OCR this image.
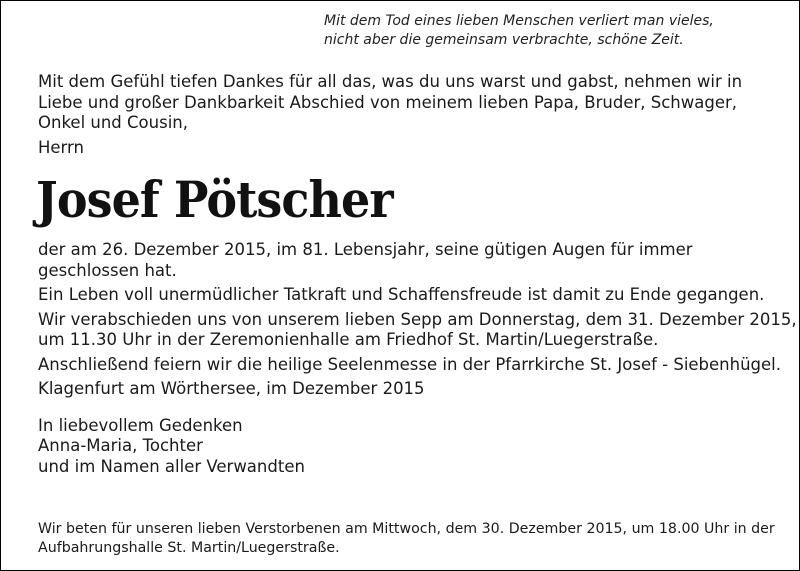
Mit dem Tod eines lieben Menschen verliert man vieles,
nicht aber die gemeinsam verbrachte, schöne Zeit.
Mit dem Gefühl tiefen Dankes für all das, was du uns warst und gabst, nehmen wir in
Liebe und großer Dankbarkeit Abschied von meinem lieben Papa, Bruder, Schwager,
Onkel und Cousin,
Herrn
Josef Pötscher
der am 26. Dezember 2015, im 81. Lebensjahr, seine gütigen Augen für immer
geschlossen hat.
Ein Leben voll unermüdlicher Tatkraft und Schaffensfreude ist damit zu Ende gegangen.
Wir verabschieden uns von unserem lieben Sepp am Donnerstag, dem 31. Dezember 2015,
um 11.30 Uhr in der Zeremonienhalle am Friedhof St. Martin/Luegerstraße.
Anschließend feiern wir die heilige Seelenmesse in der Pfarrkirche St. Josef - Siebenhügel.
Klagenfurt am Wörthersee, im Dezember 2015
In liebevollem Gedenken
Anna-Maria, Tochter
und im Namen aller Verwandten
Wir beten für unseren lieben Verstorbenen am Mittwoch, dem 30. Dezember 2015, um 18.00 Uhr in der
Aufbahrungshalle St. Martin/Luegerstraße.
